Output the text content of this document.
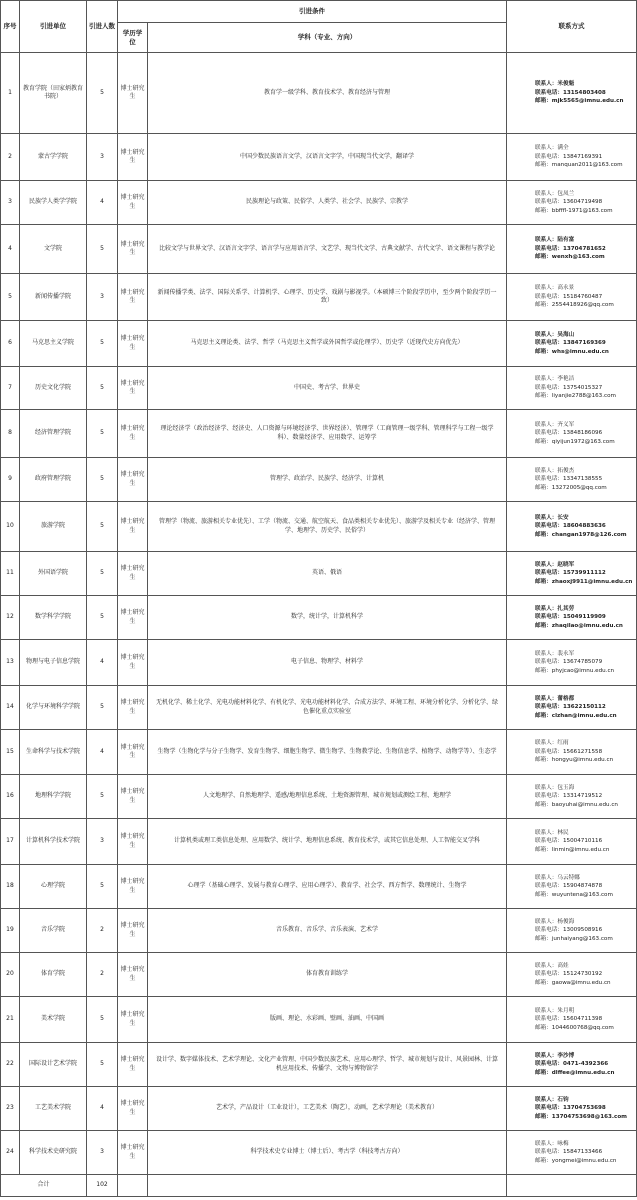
序号	引进单位	引进人数	引进条件		联系方式
			学历学位	学科（专业、方向）	
1	教育学院（田家炳教育书院）	5	博士研究生	教育学一级学科、教育技术学、教育经济与管理	联系人：米俊魁
联系电话：13154803408
邮箱：mjk5565@imnu.edu.cn

2	蒙古学学院	3	博士研究生	中国少数民族语言文学，汉语言文字学，中国现当代文学，翻译学	联系人：满全
联系电话：13847169391
邮箱：manquan2011@163.com

3	民族学人类学学院	4	博士研究生	民族理论与政策、民俗学、人类学、社会学、民族学、宗教学	联系人：包凤兰
联系电话：13604719498
邮箱：bbfffl-1971@163.com

4	文学院	5	博士研究生	比较文学与世界文学、汉语言文字学、语言学与应用语言学、文艺学、现当代文学、古典文献学、古代文学、语文课程与教学论	联系人：陆有富
联系电话：13704781652
邮箱：wenxh@163.com

5	新闻传播学院	3	博士研究生	新闻传播学类、法学、国际关系学、计算机学、心理学、历史学、戏剧与影视学。（本硕博三个阶段学历中，至少两个阶段学历一致）	联系人：高永景
联系电话：15184760487
邮箱：2554418926@qq.com

6	马克思主义学院	5	博士研究生	马克思主义理论类、法学、哲学（马克思主义哲学或外国哲学或伦理学）、历史学（近现代史方向优先）	联系人：吴海山
联系电话：13847169369
邮箱：whs@imnu.edu.cn

7	历史文化学院	5	博士研究生	中国史、考古学、世界史	联系人：李艳洁
联系电话：13754015327
邮箱：liyanjie2788@163.com

8	经济管理学院	5	博士研究生	理论经济学（政治经济学、经济史、人口资源与环境经济学、世界经济）、管理学（工商管理一级学科、管理科学与工程一级学科）、数量经济学、应用数学、运筹学	联系人：齐义军
联系电话：13848186096
邮箱：qiyijun1972@163.com

9	政府管理学院	5	博士研究生	管理学、政治学、民族学、经济学、计算机	联系人：拓俊杰
联系电话：13347138555
邮箱：13272005@qq.com

10	旅游学院	5	博士研究生	管理学（物流、旅游相关专业优先）、工学（物流、交通、航空航天、食品类相关专业优先）、旅游学及相关专业（经济学、管理学、地理学、历史学、民俗学）	联系人：长安
联系电话：18604883636
邮箱：changan1978@126.com

11	外国语学院	5	博士研究生	英语、俄语	联系人：赵晓军
联系电话：15739911112
邮箱：zhaoxj9911@imnu.edu.cn

12	数学科学学院	5	博士研究生	数学，统计学，计算机科学	联系人：扎其劳
联系电话：15049119909
邮箱：zhaqilao@imnu.edu.cn

13	物理与电子信息学院	4	博士研究生	电子信息、物理学、材料学	联系人：裴永军
联系电话：13674785079
邮箱：phyjcao@imnu.edu.cn

14	化学与环境科学学院	5	博士研究生	无机化学、稀土化学、光电功能材料化学、有机化学、光电功能材料化学、合成方法学、环境工程、环境分析化学、分析化学、绿色催化重点实验室	联系人：蕾格都
联系电话：13622150112
邮箱：clzhan@imnu.edu.cn

15	生命科学与技术学院	4	博士研究生	生物学（生物化学与分子生物学、发育生物学、细胞生物学、微生物学、生物教学论、生物信息学、植物学、动物学等）、生态学	联系人：红雨
联系电话：15661271558
邮箱：hongyu@imnu.edu.cn

16	地理科学学院	5	博士研究生	人文地理学、自然地理学、遥感/地理信息系统、土地资源管理、城市规划或测绘工程、地理学	联系人：包玉海
联系电话：13314719512
邮箱：baoyuhai@imnu.edu.cn

17	计算机科学技术学院	3	博士研究生	计算机类或理工类信息处理、应用数学、统计学、地理信息系统、教育技术学，或其它信息处理、人工智能交叉学科	联系人：林民
联系电话：15004710116
邮箱：linmin@imnu.edu.cn

18	心理学院	5	博士研究生	心理学（基础心理学、发展与教育心理学、应用心理学）、教育学、社会学、西方哲学、数理统计、生物学	联系人：乌云特娜
联系电话：15904874878
邮箱：wuyuntena@163.com

19	音乐学院	2	博士研究生	音乐教育、音乐学、音乐表演、艺术学	联系人：杨俊海
联系电话：13009508916
邮箱：junhaiyang@163.com

20	体育学院	2	博士研究生	体育教育训练学	联系人：高娃
联系电话：15124730192
邮箱：gaowa@imnu.edu.cn

21	美术学院	5	博士研究生	版画、理论、水彩画、壁画、油画、中国画	联系人：朱月明
联系电话：15604711398
邮箱：1044600768@qq.com

22	国际设计艺术学院	5	博士研究生	设计学、数字媒体技术、艺术学理论、文化产业管理、中国少数民族艺术、应用心理学、哲学、城市规划与设计、风景园林、计算机应用技术、传播学、文物与博物馆学	联系人：李沙博
联系电话：0471-4392366
邮箱：dlffee@imnu.edu.cn

23	工艺美术学院	4	博士研究生	艺术学，产品设计（工业设计），工艺美术（陶艺），动画，艺术学理论（美术教育）	联系人：石钧
联系电话：13704753698
邮箱：13704753698@163.com

24	科学技术史研究院	3	博士研究生	科学技术史专业博士（博士后）、考古学（科技考古方向）	联系人：咏梅
联系电话：15847133466
邮箱：yongmei@imnu.edu.cn

合计		102			
